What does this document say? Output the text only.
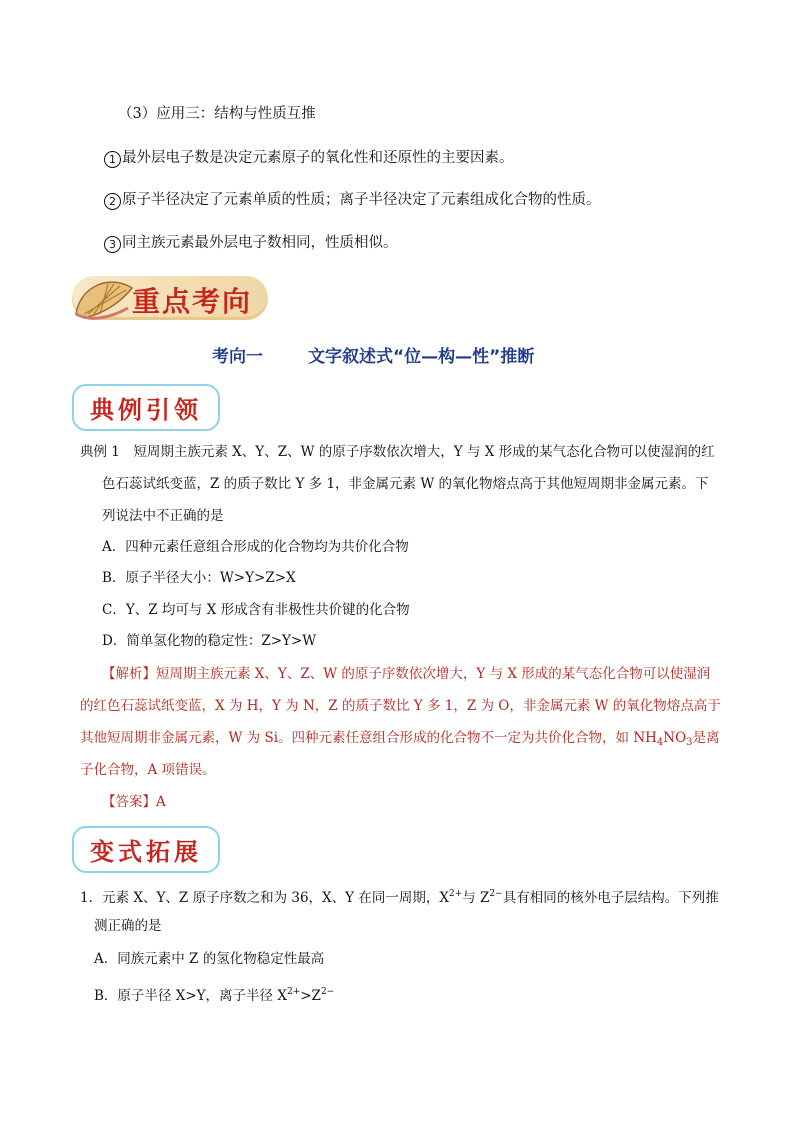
（3）应用三：结构与性质互推
1 最外层电子数是决定元素原子的氧化性和还原性的主要因素。
2 原子半径决定了元素单质的性质；离子半径决定了元素组成化合物的性质。
3 同主族元素最外层电子数相同，性质相似。
重点考向
考向一	文字叙述式“位—构—性”推断
典例引领
典例 1　短周期主族元素 X、Y、Z、W 的原子序数依次增大，Y 与 X 形成的某气态化合物可以使湿润的红
色石蕊试纸变蓝，Z 的质子数比 Y 多 1，非金属元素 W 的氧化物熔点高于其他短周期非金属元素。下
列说法中不正确的是
A．四种元素任意组合形成的化合物均为共价化合物
B．原子半径大小：W>Y>Z>X
C．Y、Z 均可与 X 形成含有非极性共价键的化合物
D．简单氢化物的稳定性：Z>Y>W
【解析】短周期主族元素 X、Y、Z、W 的原子序数依次增大，Y 与 X 形成的某气态化合物可以使湿润
的红色石蕊试纸变蓝，X 为 H，Y 为 N，Z 的质子数比 Y 多 1，Z 为 O，非金属元素 W 的氧化物熔点高于
其他短周期非金属元素，W 为 Si。四种元素任意组合形成的化合物不一定为共价化合物，如 $NH_4NO_3$是离
子化合物，A 项错误。
【答案】A
变式拓展
1．元素 X、Y、Z 原子序数之和为 36，X、Y 在同一周期，$X^{2+}$与 $Z^{2-}$具有相同的核外电子层结构。下列推
测正确的是
A．同族元素中 Z 的氢化物稳定性最高
B．原子半径 X>Y，离子半径 $X^{2+}>Z^{2-}$
